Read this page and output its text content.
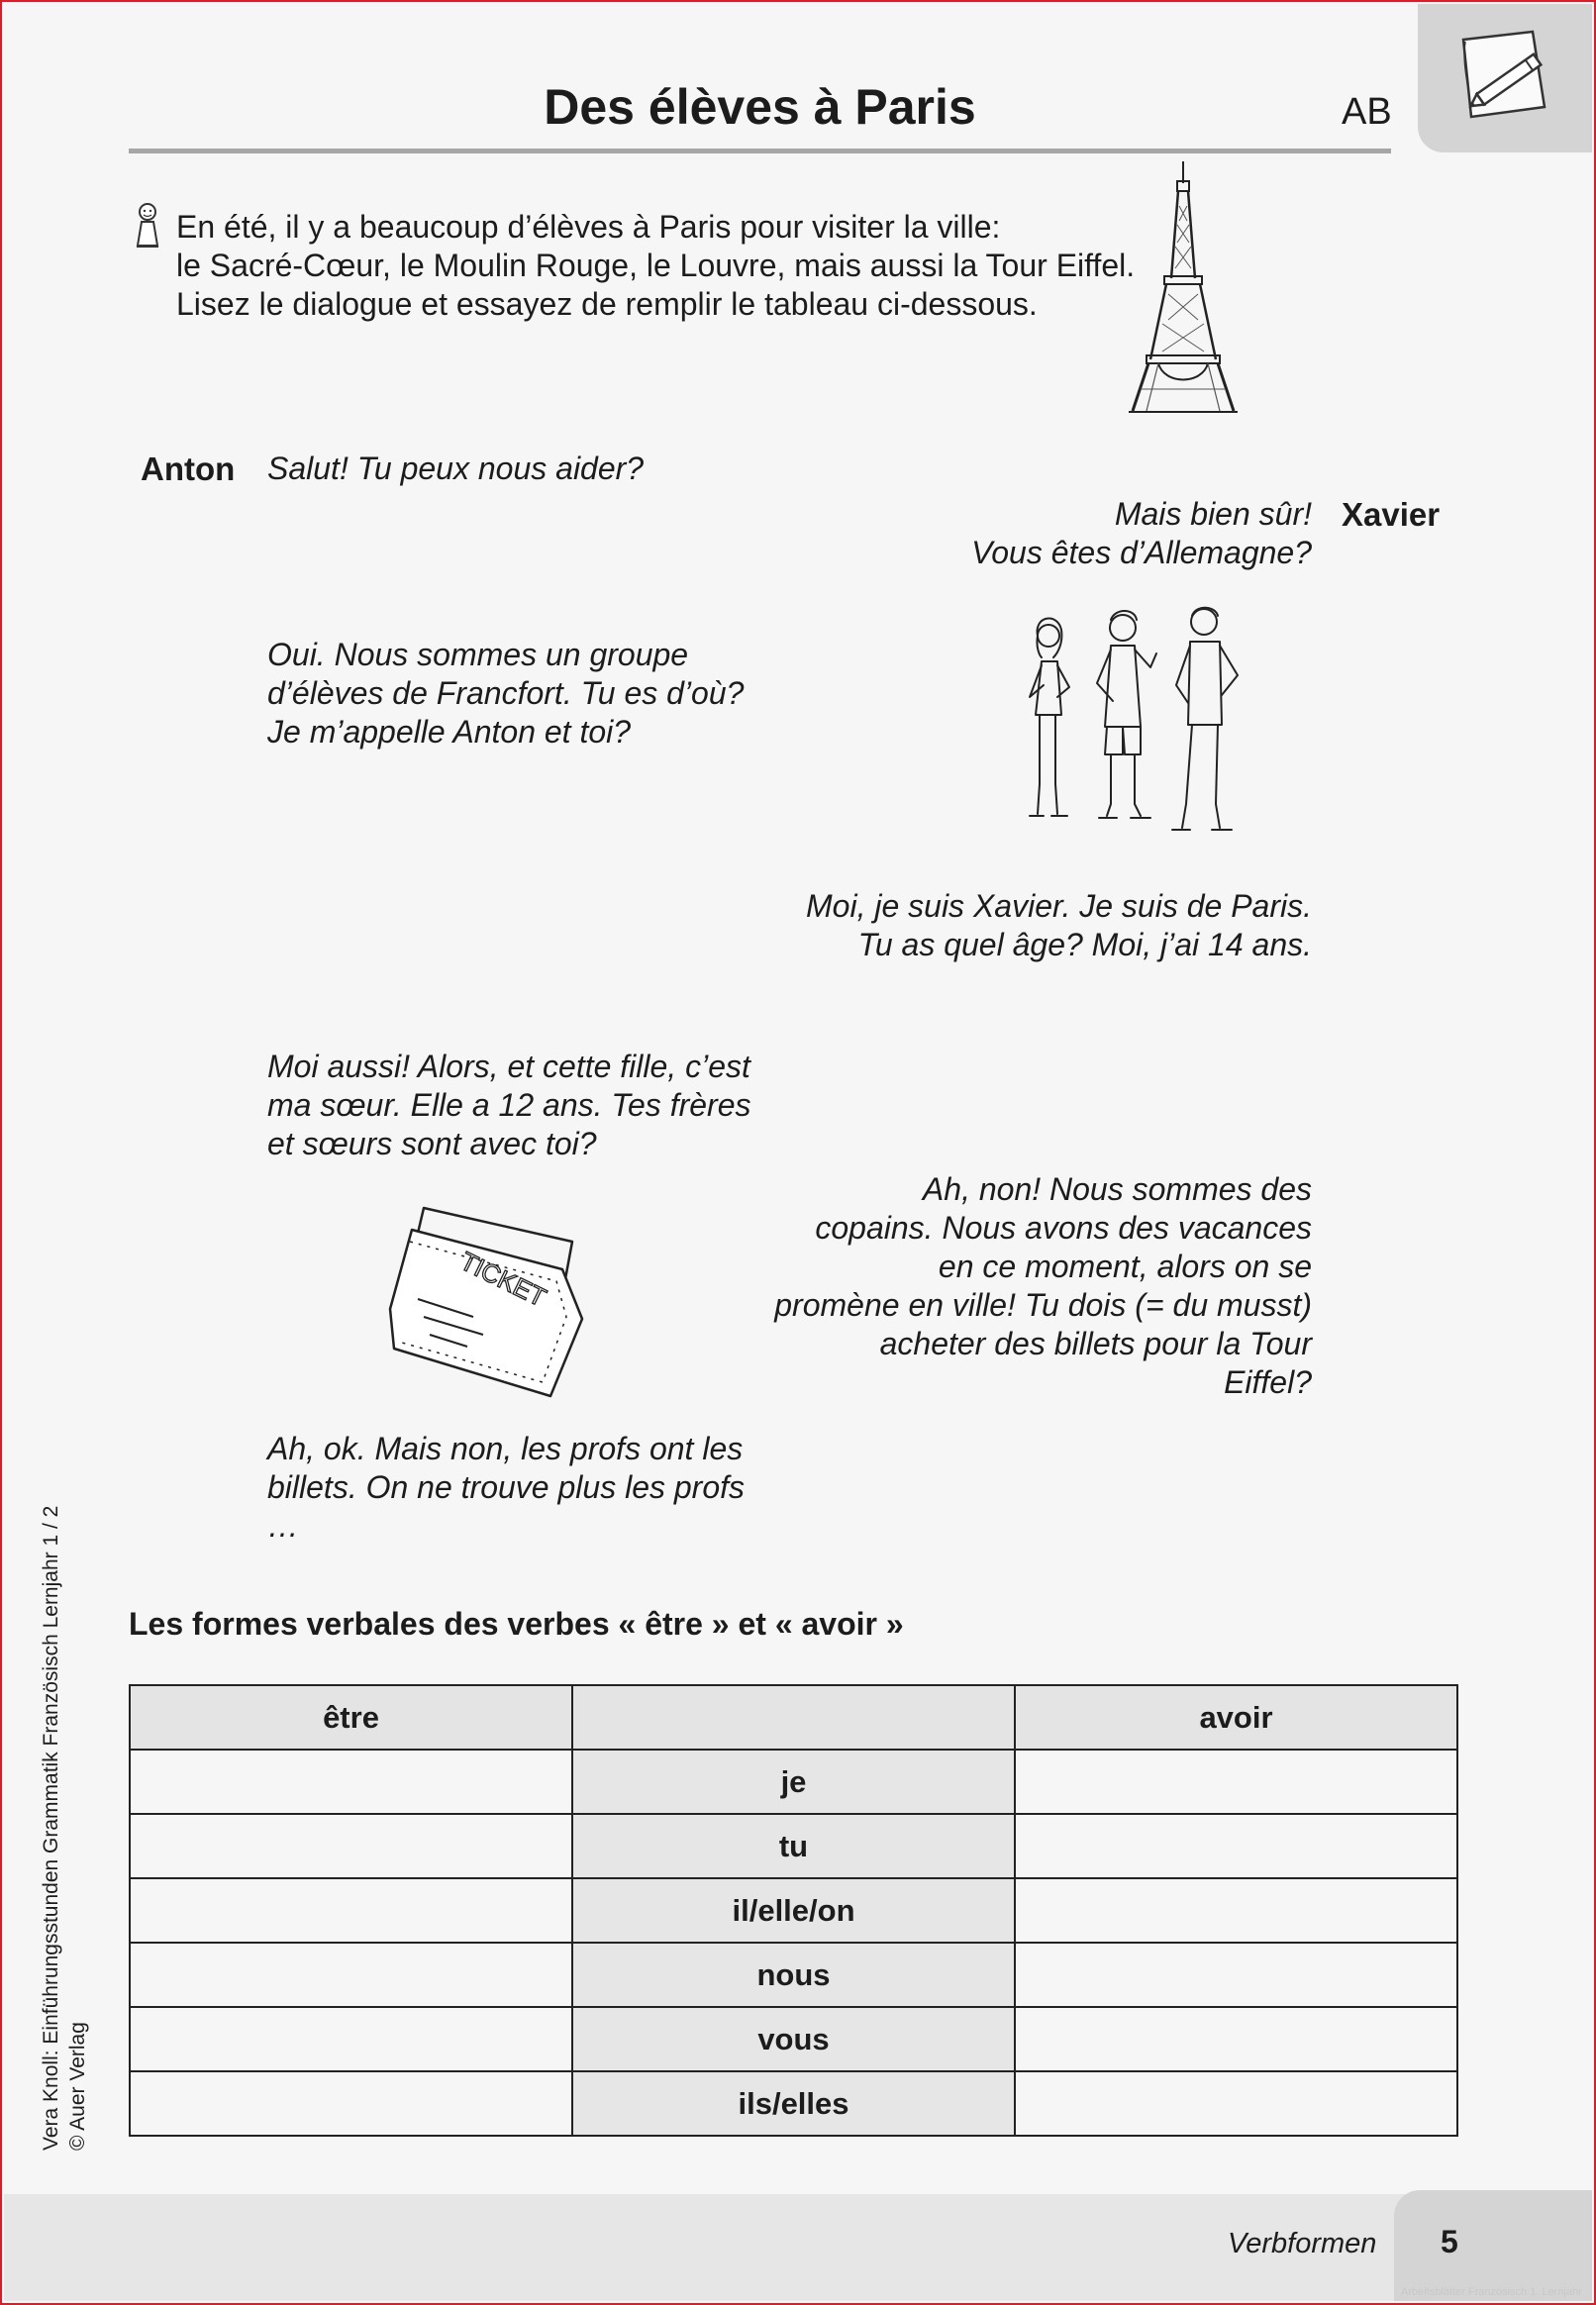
Des élèves à Paris	AB
En été, il y a beaucoup d’élèves à Paris pour visiter la ville:
le Sacré-Cœur, le Moulin Rouge, le Louvre, mais aussi la Tour Eiffel.
Lisez le dialogue et essayez de remplir le tableau ci-dessous.
Anton
Xavier
Salut! Tu peux nous aider?
Mais bien sûr!
Vous êtes d’Allemagne?
Oui. Nous sommes un groupe
d’élèves de Francfort. Tu es d’où?
Je m’appelle Anton et toi?
Moi, je suis Xavier. Je suis de Paris.
Tu as quel âge? Moi, j’ai 14 ans.
Moi aussi! Alors, et cette fille, c’est
ma sœur. Elle a 12 ans. Tes frères
et sœurs sont avec toi?
TICKET
Ah, non! Nous sommes des
copains. Nous avons des vacances
en ce moment, alors on se
promène en ville! Tu dois (= du musst)
acheter des billets pour la Tour
Eiffel?
Ah, ok. Mais non, les profs ont les
billets. On ne trouve plus les profs
…
Les formes verbales des verbes « être » et « avoir »
être		avoir
	je	
	tu	
	il/elle/on	
	nous	
	vous	
	ils/elles	
Vera Knoll: Einführungsstunden Grammatik Französisch Lernjahr 1 / 2 © Auer Verlag
Verbformen 5
Arbeitsblätter Französisch 1. Lernjahr
